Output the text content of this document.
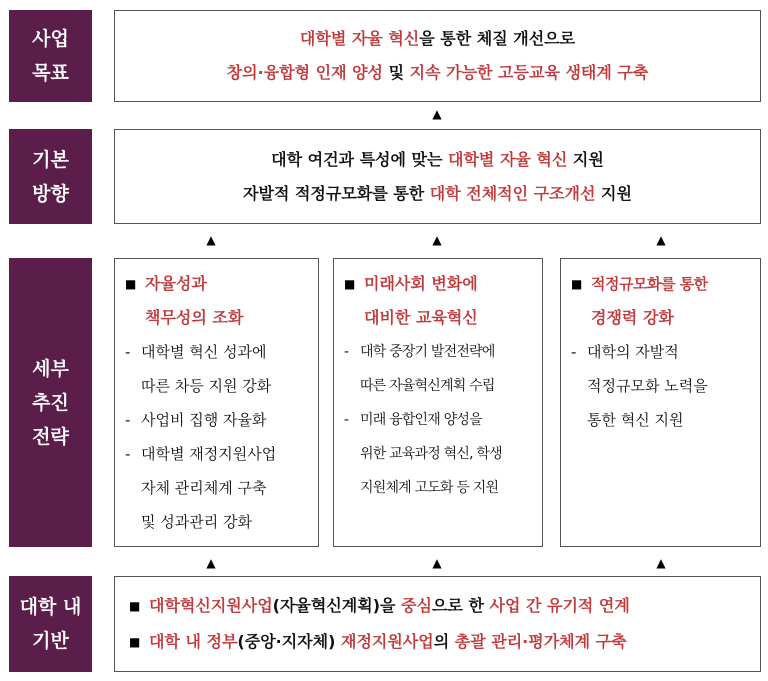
사업
목표
대학별 자율 혁신을 통한 체질 개선으로
창의·융합형 인재 양성 및 지속 가능한 고등교육 생태계 구축
▲
기본
방향
대학 여건과 특성에 맞는 대학별 자율 혁신 지원
자발적 적정규모화를 통한 대학 전체적인 구조개선 지원
▲	▲	▲
세부
추진
전략
■ 자율성과
책무성의 조화
- 대학별 혁신 성과에
따른 차등 지원 강화
- 사업비 집행 자율화
- 대학별 재정지원사업
자체 관리체계 구축
및 성과관리 강화
■ 미래사회 변화에
대비한 교육혁신
- 대학 중장기 발전전략에
따른 자율혁신계획 수립
- 미래 융합인재 양성을
위한 교육과정 혁신, 학생
지원체계 고도화 등 지원
■ 적정규모화를 통한
경쟁력 강화
- 대학의 자발적
적정규모화 노력을
통한 혁신 지원
▲	▲	▲
대학 내
기반
■ 대학혁신지원사업 (자율혁신계획)을 중심 으로 한 사업 간 유기적 연계
■ 대학 내 정부 (중앙·지자체) 재정지원사업 의 총괄 관리·평가체계 구축
